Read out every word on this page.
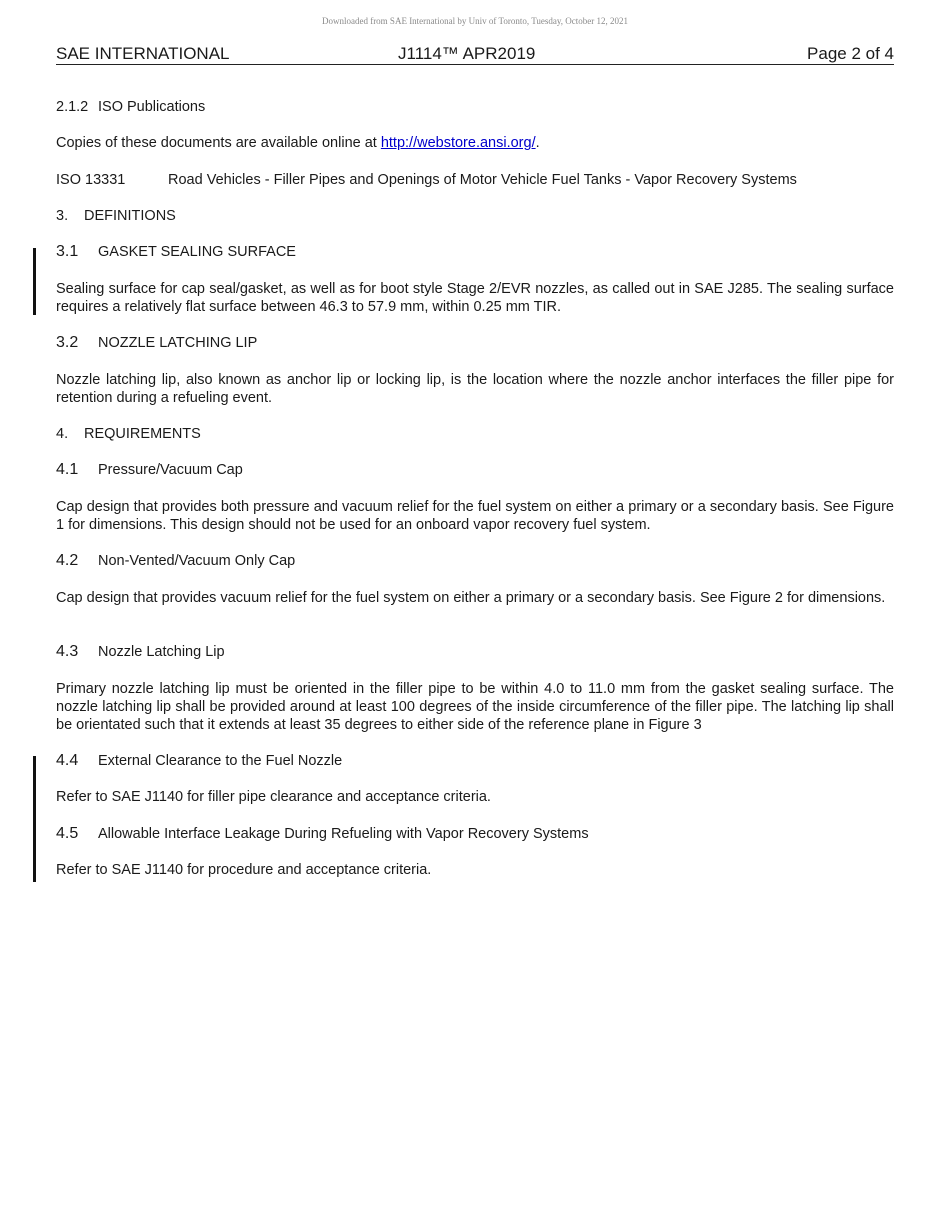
Downloaded from SAE International by Univ of Toronto, Tuesday, October 12, 2021
SAE INTERNATIONAL	J1114™ APR2019	Page 2 of 4
2.1.2 ISO Publications
Copies of these documents are available online at http://webstore.ansi.org/.
ISO 13331	Road Vehicles - Filler Pipes and Openings of Motor Vehicle Fuel Tanks - Vapor Recovery Systems
3. DEFINITIONS
3.1 GASKET SEALING SURFACE
Sealing surface for cap seal/gasket, as well as for boot style Stage 2/EVR nozzles, as called out in SAE J285. The sealing surface requires a relatively flat surface between 46.3 to 57.9 mm, within 0.25 mm TIR.
3.2 NOZZLE LATCHING LIP
Nozzle latching lip, also known as anchor lip or locking lip, is the location where the nozzle anchor interfaces the filler pipe for retention during a refueling event.
4. REQUIREMENTS
4.1 Pressure/Vacuum Cap
Cap design that provides both pressure and vacuum relief for the fuel system on either a primary or a secondary basis. See Figure 1 for dimensions. This design should not be used for an onboard vapor recovery fuel system.
4.2 Non-Vented/Vacuum Only Cap
Cap design that provides vacuum relief for the fuel system on either a primary or a secondary basis. See Figure 2 for dimensions.
4.3 Nozzle Latching Lip
Primary nozzle latching lip must be oriented in the filler pipe to be within 4.0 to 11.0 mm from the gasket sealing surface. The nozzle latching lip shall be provided around at least 100 degrees of the inside circumference of the filler pipe. The latching lip shall be orientated such that it extends at least 35 degrees to either side of the reference plane in Figure 3
4.4 External Clearance to the Fuel Nozzle
Refer to SAE J1140 for filler pipe clearance and acceptance criteria.
4.5 Allowable Interface Leakage During Refueling with Vapor Recovery Systems
Refer to SAE J1140 for procedure and acceptance criteria.
